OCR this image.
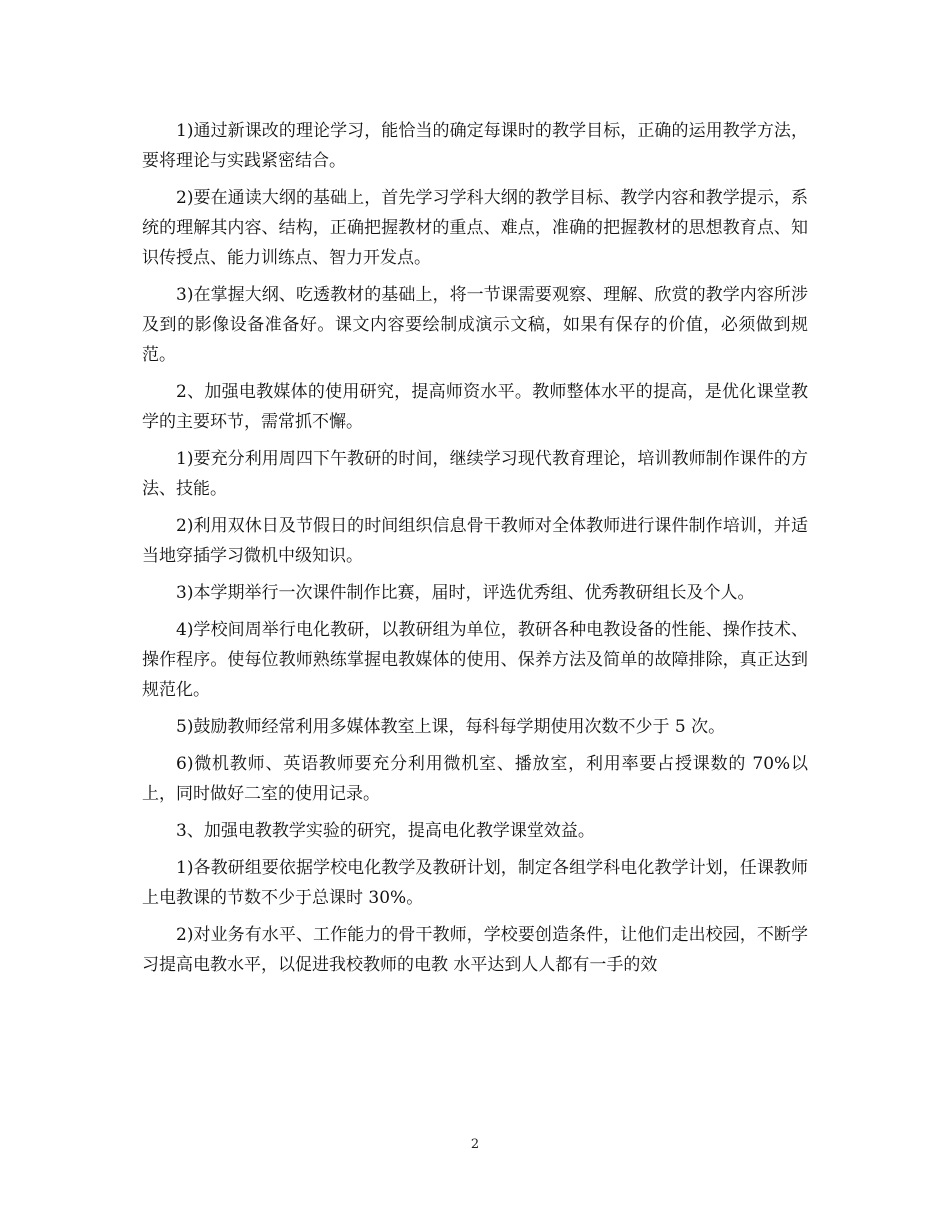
1)通过新课改的理论学习，能恰当的确定每课时的教学目标，正确的运用教学方法，要将理论与实践紧密结合。

2)要在通读大纲的基础上，首先学习学科大纲的教学目标、教学内容和教学提示，系统的理解其内容、结构，正确把握教材的重点、难点，准确的把握教材的思想教育点、知识传授点、能力训练点、智力开发点。

3)在掌握大纲、吃透教材的基础上，将一节课需要观察、理解、欣赏的教学内容所涉及到的影像设备准备好。课文内容要绘制成演示文稿，如果有保存的价值，必须做到规范。

2、加强电教媒体的使用研究，提高师资水平。教师整体水平的提高，是优化课堂教学的主要环节，需常抓不懈。

1)要充分利用周四下午教研的时间，继续学习现代教育理论，培训教师制作课件的方法、技能。

2)利用双休日及节假日的时间组织信息骨干教师对全体教师进行课件制作培训，并适当地穿插学习微机中级知识。

3)本学期举行一次课件制作比赛，届时，评选优秀组、优秀教研组长及个人。

4)学校间周举行电化教研，以教研组为单位，教研各种电教设备的性能、操作技术、操作程序。使每位教师熟练掌握电教媒体的使用、保养方法及简单的故障排除，真正达到规范化。

5)鼓励教师经常利用多媒体教室上课，每科每学期使用次数不少于 5 次。

6)微机教师、英语教师要充分利用微机室、播放室，利用率要占授课数的 70%以上，同时做好二室的使用记录。

3、加强电教教学实验的研究，提高电化教学课堂效益。

1)各教研组要依据学校电化教学及教研计划，制定各组学科电化教学计划，任课教师上电教课的节数不少于总课时 30%。

2)对业务有水平、工作能力的骨干教师，学校要创造条件，让他们走出校园，不断学习提高电教水平，以促进我校教师的电教 水平达到人人都有一手的效

2
